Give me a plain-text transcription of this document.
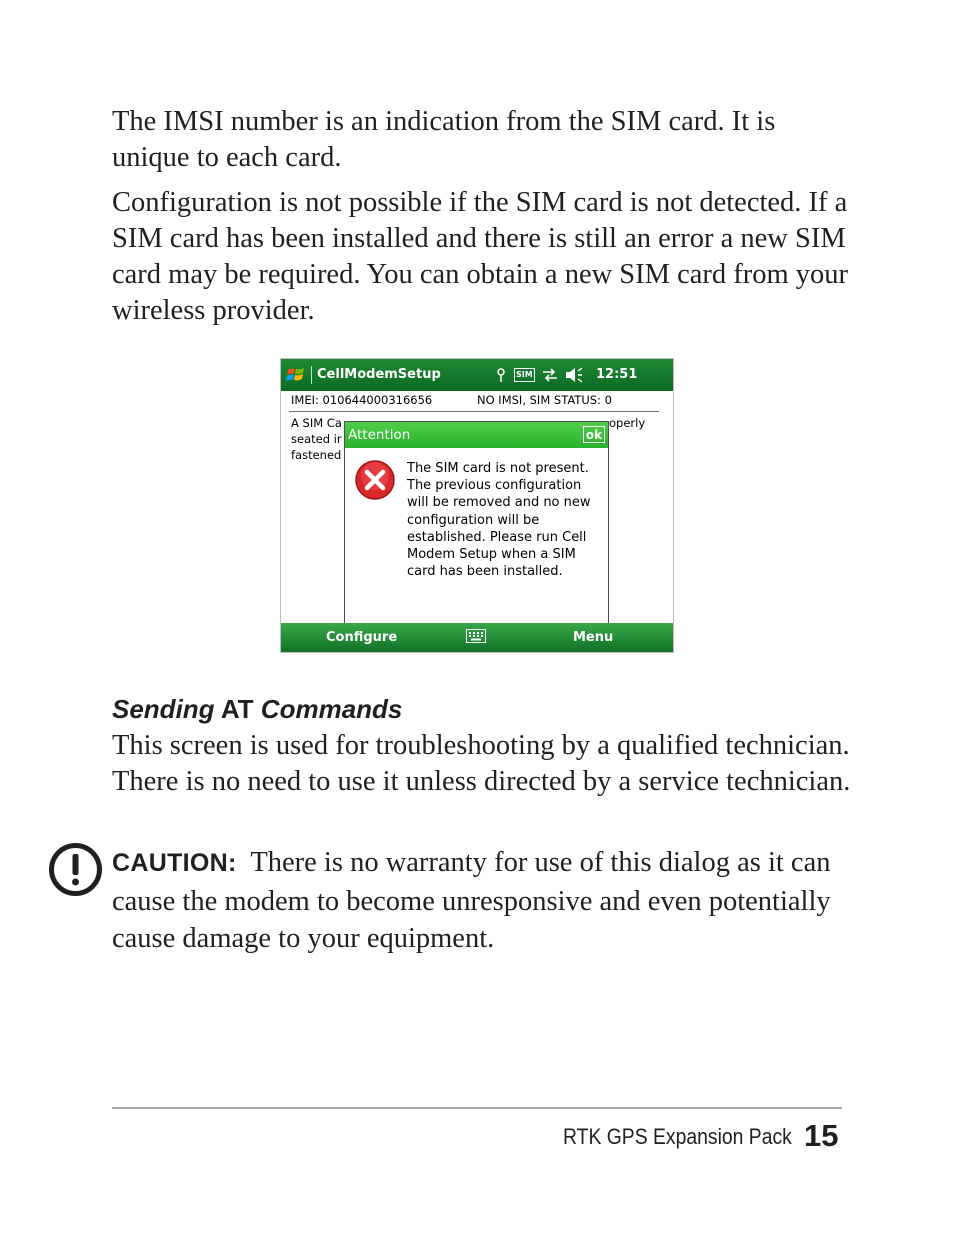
The IMSI number is an indication from the SIM card. It is unique to each card.

Configuration is not possible if the SIM card is not detected. If a SIM card has been installed and there is still an error a new SIM card may be required. You can obtain a new SIM card from your wireless provider.

CellModemSetup	SIM	12:51
IMEI: 010644000316656	NO IMSI, SIM STATUS: 0
A SIM Ca
seated ir
fastened
operly
Attention	ok
The SIM card is not present. The previous configuration will be removed and no new configuration will be established. Please run Cell Modem Setup when a SIM card has been installed.
Configure	Menu
Sending AT Commands

This screen is used for troubleshooting by a qualified technician. There is no need to use it unless directed by a service technician.

CAUTION: There is no warranty for use of this dialog as it can cause the modem to become unresponsive and even potentially cause damage to your equipment.

RTK GPS Expansion Pack 15
